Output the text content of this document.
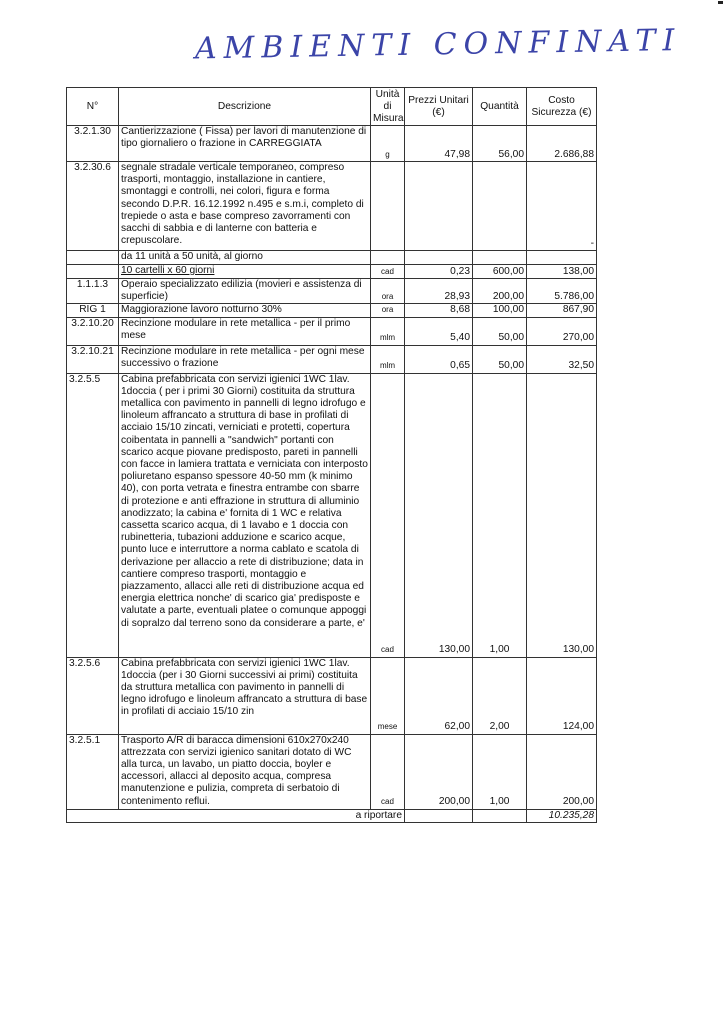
AMBIENTI CONFINATI
N°	Descrizione	Unità di Misura	Prezzi Unitari (€)	Quantità	Costo Sicurezza (€)
3.2.1.30	Cantierizzazione ( Fissa) per lavori di manutenzione di tipo giornaliero o frazione in CARREGGIATA	g	47,98	56,00	2.686,88
3.2.30.6	segnale stradale verticale temporaneo, compreso trasporti, montaggio, installazione in cantiere, smontaggi e controlli, nei colori, figura e forma secondo D.P.R. 16.12.1992 n.495 e s.m.i, completo di trepiede o asta e base compreso zavorramenti con sacchi di sabbia e di lanterne con batteria e crepuscolare.				-
	da 11 unità a 50 unità, al giorno				
	10 cartelli x 60 giorni	cad	0,23	600,00	138,00
1.1.1.3	Operaio specializzato edilizia (movieri e assistenza di superficie)	ora	28,93	200,00	5.786,00
RIG 1	Maggiorazione lavoro notturno 30%	ora	8,68	100,00	867,90
3.2.10.20	Recinzione modulare in rete metallica - per il primo mese	mlm	5,40	50,00	270,00
3.2.10.21	Recinzione modulare in rete metallica - per ogni mese successivo o frazione	mlm	0,65	50,00	32,50
3.2.5.5	Cabina prefabbricata con servizi igienici 1WC 1lav. 1doccia ( per i primi 30 Giorni) costituita da struttura metallica con pavimento in pannelli di legno idrofugo e linoleum affrancato a struttura di base in profilati di acciaio 15/10 zincati, verniciati e protetti, copertura coibentata in pannelli a "sandwich" portanti con scarico acque piovane predisposto, pareti in pannelli con facce in lamiera trattata e verniciata con interposto poliuretano espanso spessore 40-50 mm (k minimo 40), con porta vetrata e finestra entrambe con sbarre di protezione e anti effrazione in struttura di alluminio anodizzato; la cabina e' fornita di 1 WC e relativa cassetta scarico acqua, di 1 lavabo e 1 doccia con rubinetteria, tubazioni adduzione e scarico acque, punto luce e interruttore a norma cablato e scatola di derivazione per allaccio a rete di distribuzione; data in cantiere compreso trasporti, montaggio e piazzamento, allacci alle reti di distribuzione acqua ed energia elettrica nonche' di scarico gia' predisposte e valutate a parte, eventuali platee o comunque appoggi di sopralzo dal terreno sono da considerare a parte, e'	cad	130,00	1,00	130,00
3.2.5.6	Cabina prefabbricata con servizi igienici 1WC 1lav. 1doccia (per i 30 Giorni successivi ai primi) costituita da struttura metallica con pavimento in pannelli di legno idrofugo e linoleum affrancato a struttura di base in profilati di acciaio 15/10 zin	mese	62,00	2,00	124,00
3.2.5.1	Trasporto A/R di baracca dimensioni 610x270x240 attrezzata con servizi igienico sanitari dotato di WC alla turca, un lavabo, un piatto doccia, boyler e accessori, allacci al deposito acqua, compresa manutenzione e pulizia, compreta di serbatoio di contenimento reflui.	cad	200,00	1,00	200,00
a riportare					10.235,28
